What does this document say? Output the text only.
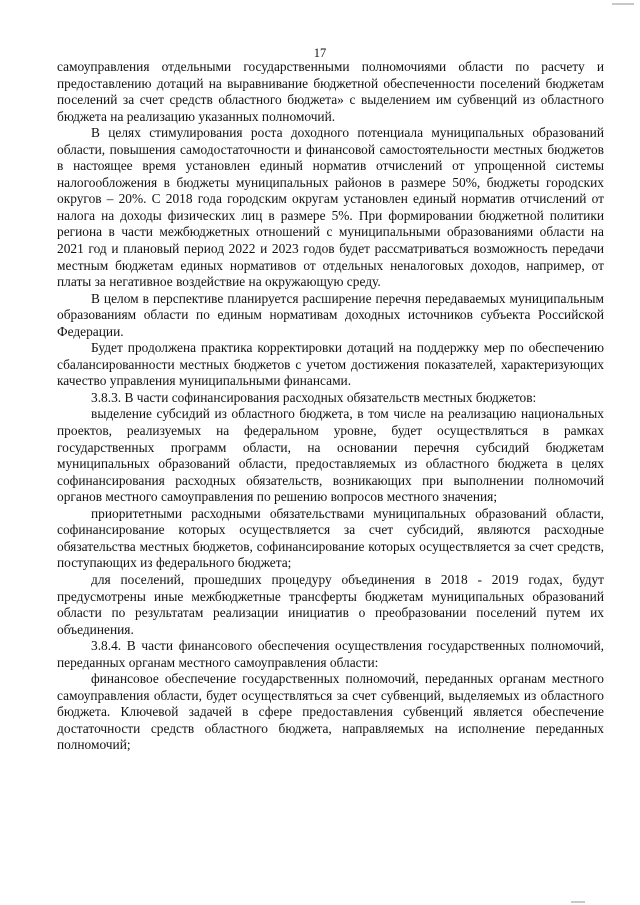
17

самоуправления отдельными государственными полномочиями области по расчету и предоставлению дотаций на выравнивание бюджетной обеспеченности поселений бюджетам поселений за счет средств областного бюджета» с выделением им субвенций из областного бюджета на реализацию указанных полномочий.

В целях стимулирования роста доходного потенциала муниципальных образований области, повышения самодостаточности и финансовой самостоятельности местных бюджетов в настоящее время установлен единый норматив отчислений от упрощенной системы налогообложения в бюджеты муниципальных районов в размере 50%, бюджеты городских округов – 20%. С 2018 года городским округам установлен единый норматив отчислений от налога на доходы физических лиц в размере 5%. При формировании бюджетной политики региона в части межбюджетных отношений с муниципальными образованиями области на 2021 год и плановый период 2022 и 2023 годов будет рассматриваться возможность передачи местным бюджетам единых нормативов от отдельных неналоговых доходов, например, от платы за негативное воздействие на окружающую среду.

В целом в перспективе планируется расширение перечня передаваемых муниципальным образованиям области по единым нормативам доходных источников субъекта Российской Федерации.

Будет продолжена практика корректировки дотаций на поддержку мер по обеспечению сбалансированности местных бюджетов с учетом достижения показателей, характеризующих качество управления муниципальными финансами.

3.8.3. В части софинансирования расходных обязательств местных бюджетов:

выделение субсидий из областного бюджета, в том числе на реализацию национальных проектов, реализуемых на федеральном уровне, будет осуществляться в рамках государственных программ области, на основании перечня субсидий бюджетам муниципальных образований области, предоставляемых из областного бюджета в целях софинансирования расходных обязательств, возникающих при выполнении полномочий органов местного самоуправления по решению вопросов местного значения;

приоритетными расходными обязательствами муниципальных образований области, софинансирование которых осуществляется за счет субсидий, являются расходные обязательства местных бюджетов, софинансирование которых осуществляется за счет средств, поступающих из федерального бюджета;

для поселений, прошедших процедуру объединения в 2018 - 2019 годах, будут предусмотрены иные межбюджетные трансферты бюджетам муниципальных образований области по результатам реализации инициатив о преобразовании поселений путем их объединения.

3.8.4. В части финансового обеспечения осуществления государственных полномочий, переданных органам местного самоуправления области:

финансовое обеспечение государственных полномочий, переданных органам местного самоуправления области, будет осуществляться за счет субвенций, выделяемых из областного бюджета. Ключевой задачей в сфере предоставления субвенций является обеспечение достаточности средств областного бюджета, направляемых на исполнение переданных полномочий;
